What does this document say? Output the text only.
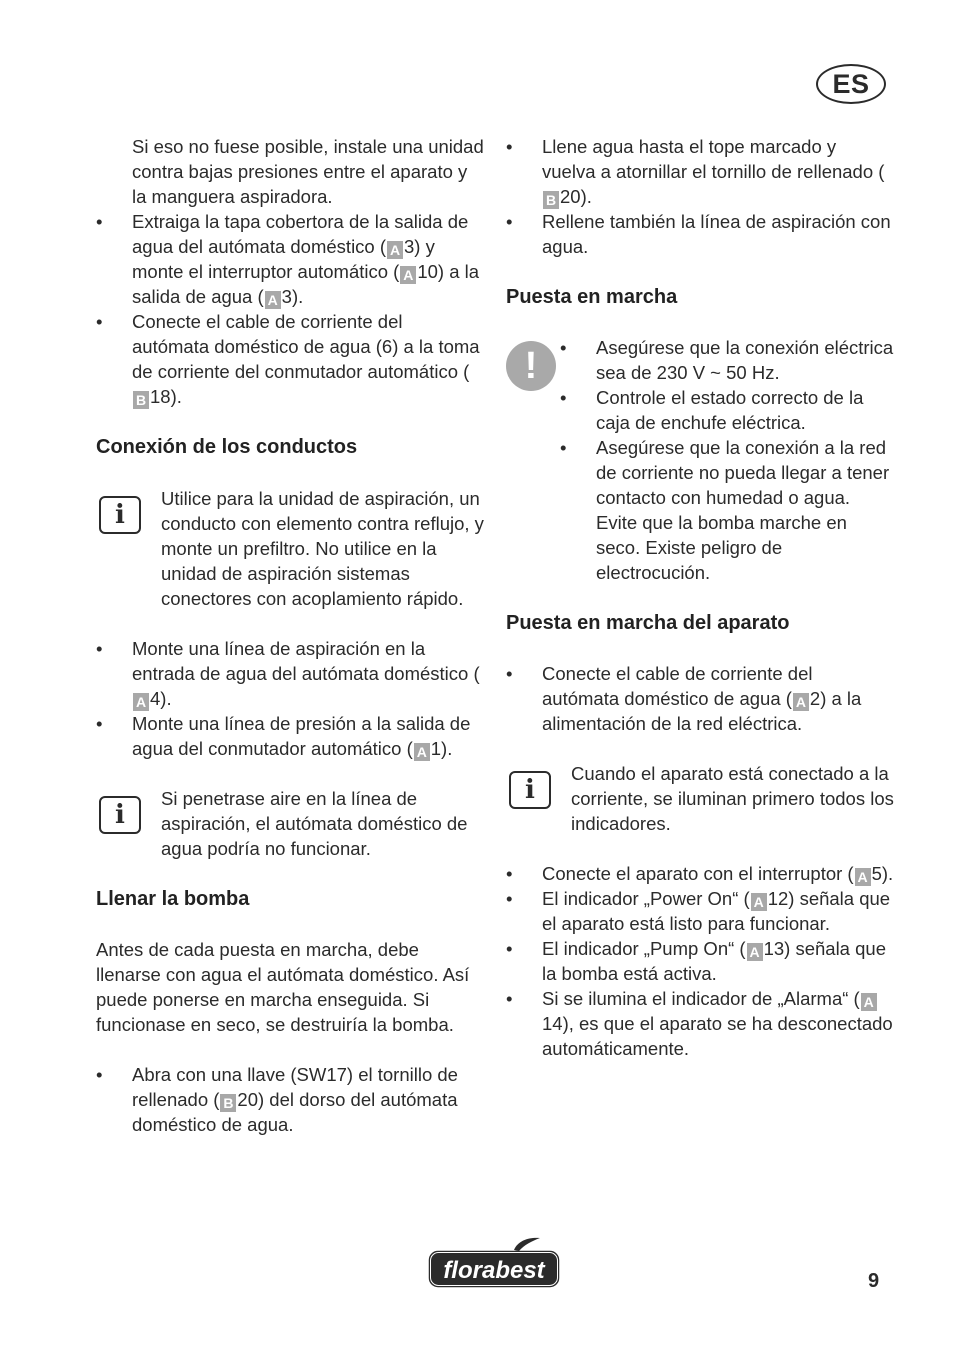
ES

Si eso no fuese posible, instale una unidad contra bajas presiones entre el aparato y la manguera aspiradora.

• Extraiga la tapa cobertora de la salida de agua del autómata doméstico ( A 3) y monte el interruptor automático ( A 10) a la salida de agua ( A 3).
• Conecte el cable de corriente del autómata doméstico de agua (6) a la toma de corriente del conmutador automático (B 18).
Conexión de los conductos
i

Utilice para la unidad de aspiración, un conducto con elemento contra reflujo, y monte un prefiltro. No utilice en la unidad de aspiración sistemas conectores con acoplamiento rápido.

• Monte una línea de aspiración en la entrada de agua del autómata doméstico (A 4).
• Monte una línea de presión a la salida de agua del conmutador automático ( A 1).
i

Si penetrase aire en la línea de aspiración, el autómata doméstico de agua podría no funcionar.

Llenar la bomba

Antes de cada puesta en marcha, debe llenarse con agua el autómata doméstico. Así puede ponerse en marcha enseguida. Si funcionase en seco, se destruiría la bomba.

• Abra con una llave (SW17) el tornillo de rellenado ( B 20) del dorso del autómata doméstico de agua.
• Llene agua hasta el tope marcado y vuelva a atornillar el tornillo de rellenado (B 20).
• Rellene también la línea de aspiración con agua.
Puesta en marcha
!
•	Asegúrese que la conexión eléctrica sea de 230 V ~ 50 Hz.
• Controle el estado correcto de la caja de enchufe eléctrica.
• Asegúrese que la conexión a la red de corriente no pueda llegar a tener contacto con humedad o agua.
Evite que la bomba marche en seco. Existe peligro de electrocución.
Puesta en marcha del aparato
• Conecte el cable de corriente del autómata doméstico de agua ( A 2) a la alimentación de la red eléctrica.
i

Cuando el aparato está conectado a la corriente, se iluminan primero todos los indicadores.

• Conecte el aparato con el interruptor ( A 5).
• El indicador „Power On“ ( A 12) señala que el aparato está listo para funcionar.
• El indicador „Pump On“ ( A 13) señala que la bomba está activa.
• Si se ilumina el indicador de „Alarma“ ( A14), es que el aparato se ha desconectado automáticamente.
florabest	9
